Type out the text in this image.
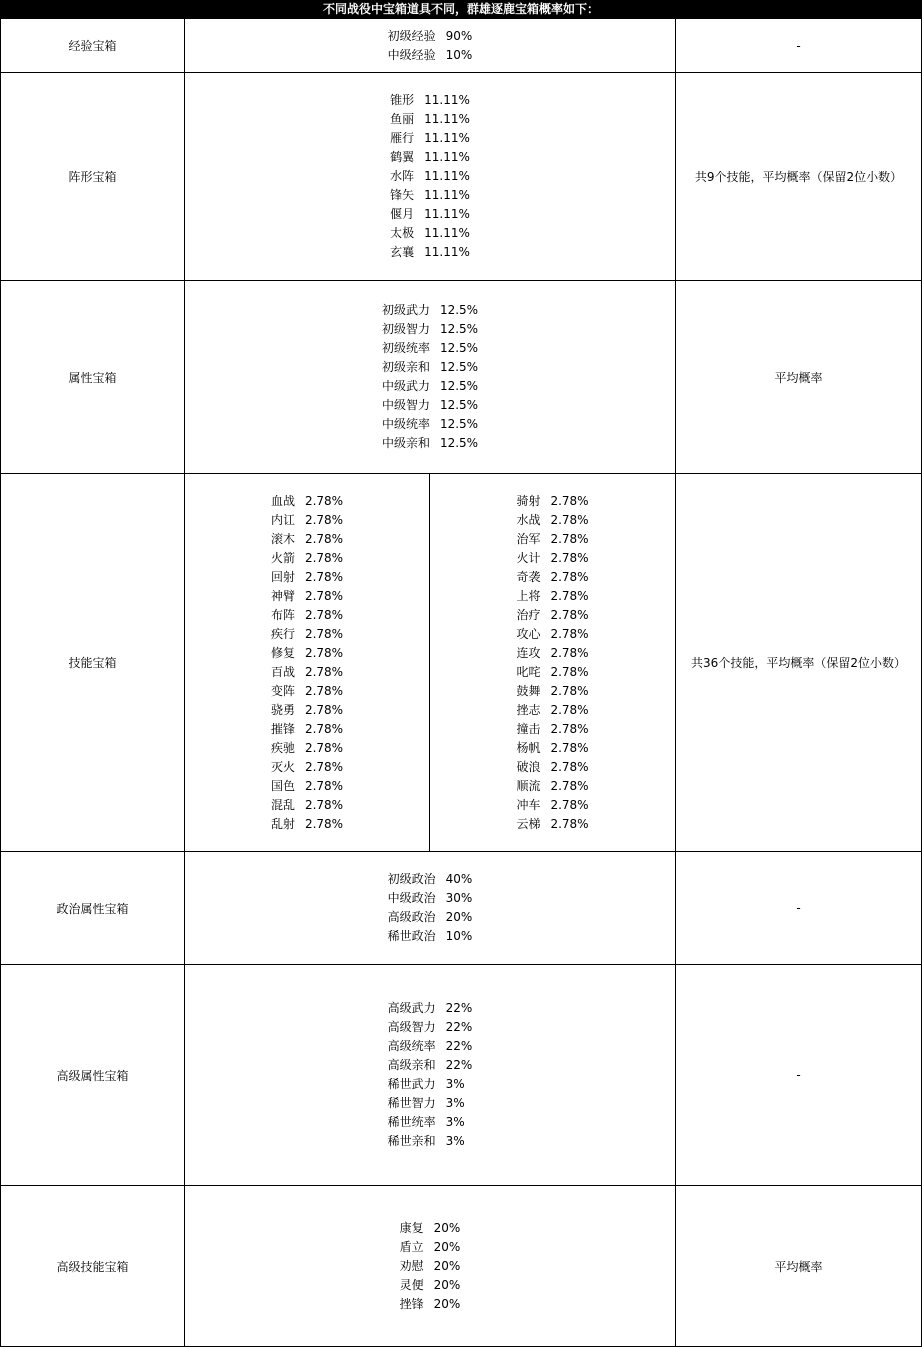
不同战役中宝箱道具不同，群雄逐鹿宝箱概率如下：
经验宝箱
初级经验 90%
中级经验 10%
-
阵形宝箱
锥形 11.11%
鱼丽 11.11%
雁行 11.11%
鹤翼 11.11%
水阵 11.11%
锋矢 11.11%
偃月 11.11%
太极 11.11%
玄襄 11.11%
共9个技能，平均概率（保留2位小数）
属性宝箱
初级武力 12.5%
初级智力 12.5%
初级统率 12.5%
初级亲和 12.5%
中级武力 12.5%
中级智力 12.5%
中级统率 12.5%
中级亲和 12.5%
平均概率
技能宝箱
血战 2.78%
内讧 2.78%
滚木 2.78%
火箭 2.78%
回射 2.78%
神臂 2.78%
布阵 2.78%
疾行 2.78%
修复 2.78%
百战 2.78%
变阵 2.78%
骁勇 2.78%
摧锋 2.78%
疾驰 2.78%
灭火 2.78%
国色 2.78%
混乱 2.78%
乱射 2.78%
骑射 2.78%
水战 2.78%
治军 2.78%
火计 2.78%
奇袭 2.78%
上将 2.78%
治疗 2.78%
攻心 2.78%
连攻 2.78%
叱咤 2.78%
鼓舞 2.78%
挫志 2.78%
撞击 2.78%
杨帆 2.78%
破浪 2.78%
顺流 2.78%
冲车 2.78%
云梯 2.78%
共36个技能，平均概率（保留2位小数）
政治属性宝箱
初级政治 40%
中级政治 30%
高级政治 20%
稀世政治 10%
-
高级属性宝箱
高级武力 22%
高级智力 22%
高级统率 22%
高级亲和 22%
稀世武力 3%
稀世智力 3%
稀世统率 3%
稀世亲和 3%
-
高级技能宝箱
康复 20%
盾立 20%
劝慰 20%
灵便 20%
挫锋 20%
平均概率
